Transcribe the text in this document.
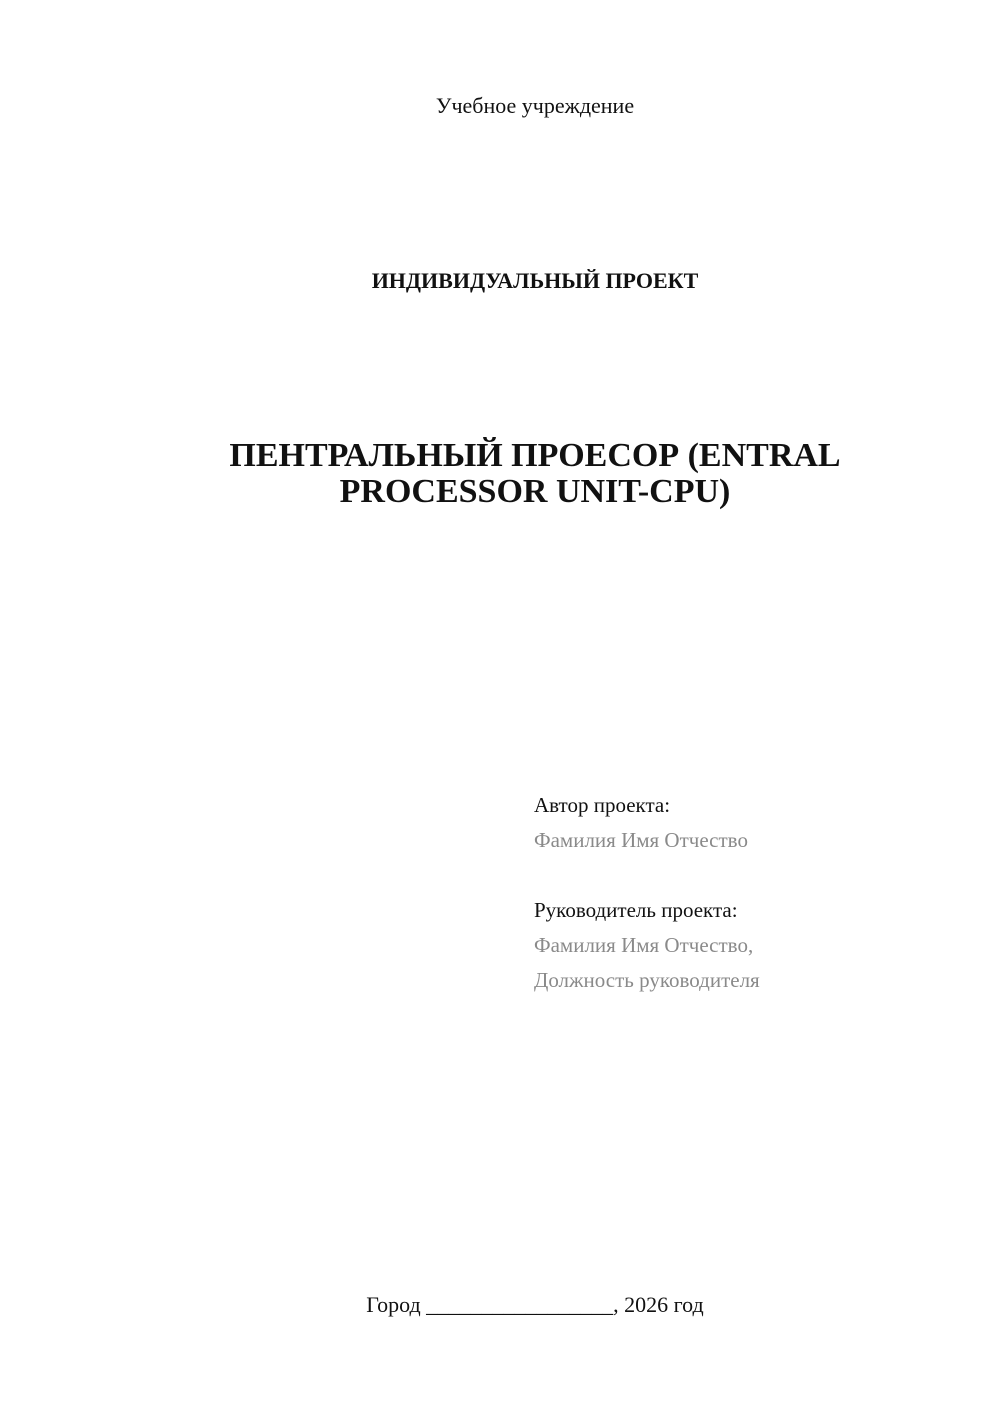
Учебное учреждение
ИНДИВИДУАЛЬНЫЙ ПРОЕКТ
ПЕНТРАЛЬНЫЙ ПРОЕСОР (ENTRAL
PROCESSOR UNIT-CPU)
Автор проекта:
Фамилия Имя Отчество
Руководитель проекта:
Фамилия Имя Отчество,
Должность руководителя
Город _________________, 2026 год
